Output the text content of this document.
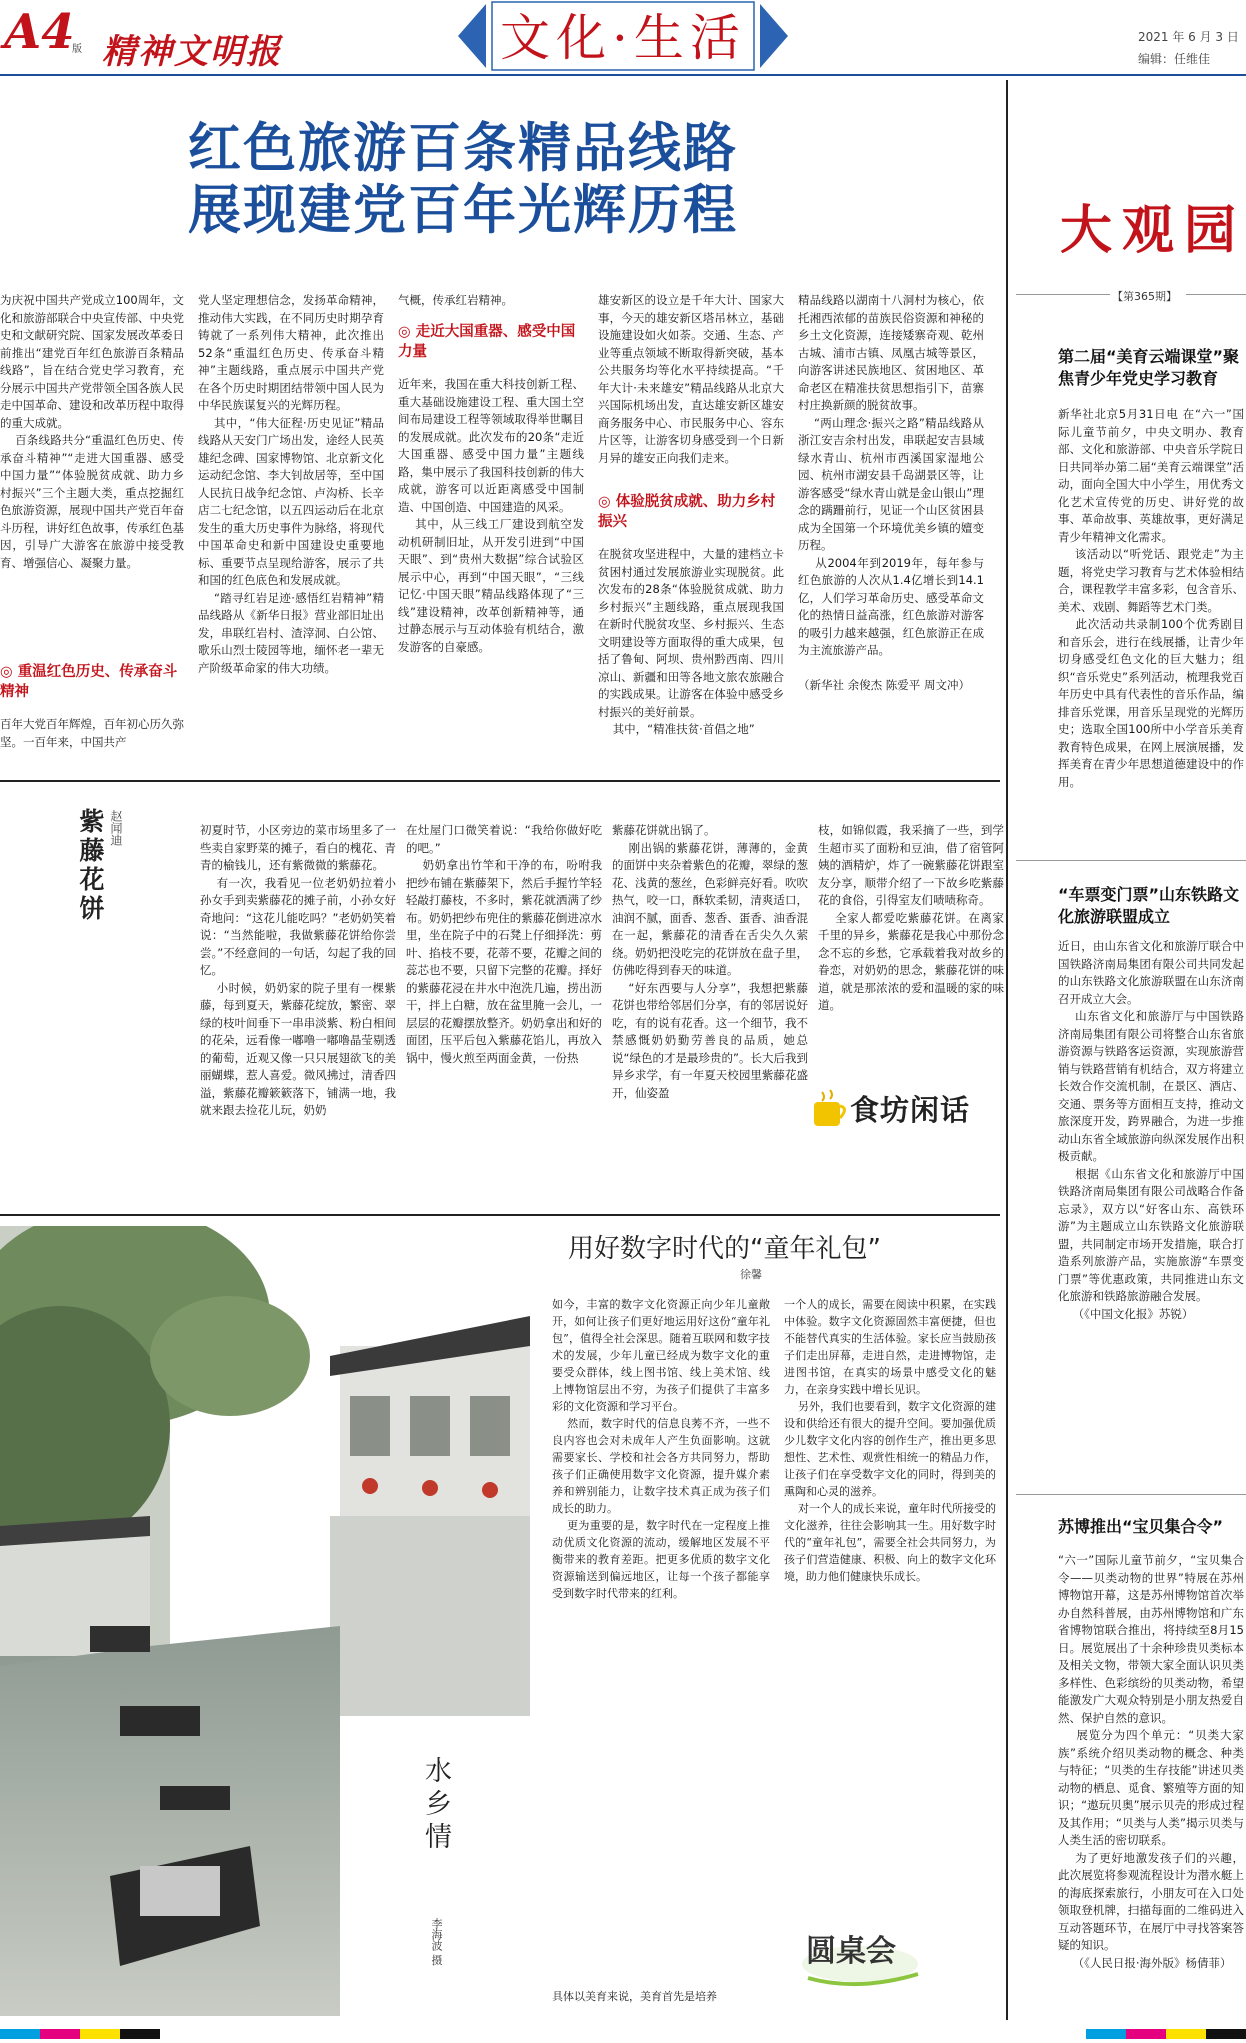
A4
版 精神文明报	文化·生活	2021 年 6 月 3 日
编辑：任维佳
红色旅游百条精品线路
展现建党百年光辉历程
为庆祝中国共产党成立100周年，文化和旅游部联合中央宣传部、中央党史和文献研究院、国家发展改革委日前推出“建党百年红色旅游百条精品线路”，旨在结合党史学习教育，充分展示中国共产党带领全国各族人民走中国革命、建设和改革历程中取得的重大成就。
百条线路共分“重温红色历史、传承奋斗精神”“走进大国重器、感受中国力量”“体验脱贫成就、助力乡村振兴”三个主题大类，重点挖掘红色旅游资源，展现中国共产党百年奋斗历程，讲好红色故事，传承红色基因，引导广大游客在旅游中接受教育、增强信心、凝聚力量。
◎ 重温红色历史、传承奋斗精神
百年大党百年辉煌，百年初心历久弥坚。一百年来，中国共产
党人坚定理想信念，发扬革命精神，推动伟大实践，在不同历史时期孕育铸就了一系列伟大精神，此次推出52条“重温红色历史、传承奋斗精神”主题线路，重点展示中国共产党在各个历史时期团结带领中国人民为中华民族谋复兴的光辉历程。
其中，“伟大征程·历史见证”精品线路从天安门广场出发，途经人民英雄纪念碑、国家博物馆、北京新文化运动纪念馆、李大钊故居等，至中国人民抗日战争纪念馆、卢沟桥、长辛店二七纪念馆，以五四运动后在北京发生的重大历史事件为脉络，将现代中国革命史和新中国建设史重要地标、重要节点呈现给游客，展示了共和国的红色底色和发展成就。
“踏寻红岩足迹·感悟红岩精神”精品线路从《新华日报》营业部旧址出发，串联红岩村、渣滓洞、白公馆、歌乐山烈士陵园等地，缅怀老一辈无产阶级革命家的伟大功绩。
气概，传承红岩精神。
◎ 走近大国重器、感受中国力量
近年来，我国在重大科技创新工程、重大基础设施建设工程、重大国土空间布局建设工程等领域取得举世瞩目的发展成就。此次发布的20条“走近大国重器、感受中国力量”主题线路，集中展示了我国科技创新的伟大成就，游客可以近距离感受中国制造、中国创造、中国建造的风采。
其中，从三线工厂建设到航空发动机研制旧址，从开发引进到“中国天眼”、到“贵州大数据”综合试验区展示中心，再到“中国天眼”，“三线记忆·中国天眼”精品线路体现了“三线”建设精神，改革创新精神等，通过静态展示与互动体验有机结合，激发游客的自豪感。
雄安新区的设立是千年大计、国家大事，今天的雄安新区塔吊林立，基础设施建设如火如荼。交通、生态、产业等重点领域不断取得新突破，基本公共服务均等化水平持续提高。“千年大计·未来雄安”精品线路从北京大兴国际机场出发，直达雄安新区雄安商务服务中心、市民服务中心、容东片区等，让游客切身感受到一个日新月异的雄安正向我们走来。
◎ 体验脱贫成就、助力乡村振兴
在脱贫攻坚进程中，大量的建档立卡贫困村通过发展旅游业实现脱贫。此次发布的28条“体验脱贫成就、助力乡村振兴”主题线路，重点展现我国在新时代脱贫攻坚、乡村振兴、生态文明建设等方面取得的重大成果，包括了鲁甸、阿坝、贵州黔西南、四川凉山、新疆和田等各地文旅农旅融合的实践成果。让游客在体验中感受乡村振兴的美好前景。
其中，“精准扶贫·首倡之地”
精品线路以湖南十八洞村为核心，依托湘西浓郁的苗族民俗资源和神秘的乡土文化资源，连接矮寨奇观、乾州古城、浦市古镇、凤凰古城等景区，向游客讲述民族地区、贫困地区、革命老区在精准扶贫思想指引下，苗寨村庄换新颜的脱贫故事。
“两山理念·振兴之路”精品线路从浙江安吉余村出发，串联起安吉县域绿水青山、杭州市西溪国家湿地公园、杭州市湖安县千岛湖景区等，让游客感受“绿水青山就是金山银山”理念的蹒跚前行，见证一个山区贫困县成为全国第一个环境优美乡镇的嬗变历程。
从2004年到2019年，每年参与红色旅游的人次从1.4亿增长到14.1亿，人们学习革命历史、感受革命文化的热情日益高涨，红色旅游对游客的吸引力越来越强，红色旅游正在成为主流旅游产品。
（新华社 余俊杰 陈爱平 周文冲）
紫藤花饼 赵闻迪	初夏时节，小区旁边的菜市场里多了一些卖自家野菜的摊子，看白的槐花、青青的榆钱儿，还有紫微微的紫藤花。
有一次，我看见一位老奶奶拉着小孙女手到卖紫藤花的摊子前，小孙女好奇地问：“这花儿能吃吗？”老奶奶笑着说：“当然能啦，我做紫藤花饼给你尝尝。”不经意间的一句话，勾起了我的回忆。
小时候，奶奶家的院子里有一棵紫藤，每到夏天，紫藤花绽放，繁密、翠绿的枝叶间垂下一串串淡紫、粉白相间的花朵，远看像一嘟噜一嘟噜晶莹剔透的葡萄，近观又像一只只展翅欲飞的美丽蝴蝶，惹人喜爱。微风拂过，清香四溢，紫藤花瓣簌簌落下，铺满一地，我就来跟去捡花儿玩，奶奶
在灶屋门口微笑着说：“我给你做好吃的吧。”
奶奶拿出竹竿和干净的布，吩咐我把纱布铺在紫藤架下，然后手握竹竿轻轻敲打藤枝，不多时，紫花就洒满了纱布。奶奶把纱布兜住的紫藤花倒进凉水里，坐在院子中的石凳上仔细择洗：剪叶、掐枝不要，花蒂不要，花瓣之间的蕊芯也不要，只留下完整的花瓣。择好的紫藤花浸在井水中泡洗几遍，捞出沥干，拌上白糖，放在盆里腌一会儿，一层层的花瓣摆放整齐。奶奶拿出和好的面团，压平后包入紫藤花馅儿，再放入锅中，慢火煎至两面金黄，一份热
紫藤花饼就出锅了。
刚出锅的紫藤花饼，薄薄的，金黄的面饼中夹杂着紫色的花瓣，翠绿的葱花、浅黄的葱丝，色彩鲜亮好看。吹吹热气，咬一口，酥软柔韧，清爽适口，油润不腻，面香、葱香、蛋香、油香混在一起，紫藤花的清香在舌尖久久萦绕。奶奶把没吃完的花饼放在盘子里，仿佛吃得到春天的味道。
“好东西要与人分享”，我想把紫藤花饼也带给邻居们分享，有的邻居说好吃，有的说有花香。这一个细节，我不禁感慨奶奶勤劳善良的品质，她总说“绿色的才是最珍贵的”。长大后我到异乡求学，有一年夏天校园里紫藤花盛开，仙姿盈
枝，如锦似霞，我采摘了一些，到学生超市买了面粉和豆油，借了宿管阿姨的酒精炉，炸了一碗紫藤花饼跟室友分享，顺带介绍了一下故乡吃紫藤花的食俗，引得室友们啧啧称奇。
全家人都爱吃紫藤花饼。在离家千里的异乡，紫藤花是我心中那份念念不忘的乡愁，它承载着我对故乡的眷恋，对奶奶的思念，紫藤花饼的味道，就是那浓浓的爱和温暖的家的味道。
食坊闲话
水乡情
李海波 摄
用好数字时代的“童年礼包”
徐馨
如今，丰富的数字文化资源正向少年儿童敞开，如何让孩子们更好地运用好这份“童年礼包”，值得全社会深思。随着互联网和数字技术的发展，少年儿童已经成为数字文化的重要受众群体，线上图书馆、线上美术馆、线上博物馆层出不穷，为孩子们提供了丰富多彩的文化资源和学习平台。
然而，数字时代的信息良莠不齐，一些不良内容也会对未成年人产生负面影响。这就需要家长、学校和社会各方共同努力，帮助孩子们正确使用数字文化资源，提升媒介素养和辨别能力，让数字技术真正成为孩子们成长的助力。
更为重要的是，数字时代在一定程度上推动优质文化资源的流动，缓解地区发展不平衡带来的教育差距。把更多优质的数字文化资源输送到偏远地区，让每一个孩子都能享受到数字时代带来的红利。
一个人的成长，需要在阅读中积累，在实践中体验。数字文化资源固然丰富便捷，但也不能替代真实的生活体验。家长应当鼓励孩子们走出屏幕，走进自然，走进博物馆，走进图书馆，在真实的场景中感受文化的魅力，在亲身实践中增长见识。
另外，我们也要看到，数字文化资源的建设和供给还有很大的提升空间。要加强优质少儿数字文化内容的创作生产，推出更多思想性、艺术性、观赏性相统一的精品力作，让孩子们在享受数字文化的同时，得到美的熏陶和心灵的滋养。
对一个人的成长来说，童年时代所接受的文化滋养，往往会影响其一生。用好数字时代的“童年礼包”，需要全社会共同努力，为孩子们营造健康、积极、向上的数字文化环境，助力他们健康快乐成长。
具体以美育来说，美育首先是培养
圆桌会
大观园
【第365期】
第二届“美育云端课堂”聚焦青少年党史学习教育
新华社北京5月31日电 在“六一”国际儿童节前夕，中央文明办、教育部、文化和旅游部、中央音乐学院日日共同举办第二届“美育云端课堂”活动，面向全国大中小学生，用优秀文化艺术宣传党的历史、讲好党的故事、革命故事、英雄故事，更好满足青少年精神文化需求。
该活动以“听党话、跟党走”为主题，将党史学习教育与艺术体验相结合，课程教学丰富多彩，包含音乐、美术、戏剧、舞蹈等艺术门类。
此次活动共录制100个优秀剧目和音乐会，进行在线展播，让青少年切身感受红色文化的巨大魅力；组织“音乐党史”系列活动，梳理我党百年历史中具有代表性的音乐作品，编排音乐党课，用音乐呈现党的光辉历史；选取全国100所中小学音乐美育教育特色成果，在网上展演展播，发挥美育在青少年思想道德建设中的作用。
“车票变门票”山东铁路文化旅游联盟成立
近日，由山东省文化和旅游厅联合中国铁路济南局集团有限公司共同发起的山东铁路文化旅游联盟在山东济南召开成立大会。
山东省文化和旅游厅与中国铁路济南局集团有限公司将整合山东省旅游资源与铁路客运资源，实现旅游营销与铁路营销有机结合，双方将建立长效合作交流机制，在景区、酒店、交通、票务等方面相互支持，推动文旅深度开发，跨界融合，为进一步推动山东省全域旅游向纵深发展作出积极贡献。
根据《山东省文化和旅游厅中国铁路济南局集团有限公司战略合作备忘录》，双方以“好客山东、高铁环游”为主题成立山东铁路文化旅游联盟，共同制定市场开发措施，联合打造系列旅游产品，实施旅游“车票变门票”等优惠政策，共同推进山东文化旅游和铁路旅游融合发展。
（《中国文化报》苏锐）
苏博推出“宝贝集合令”
“六一”国际儿童节前夕，“宝贝集合令——贝类动物的世界”特展在苏州博物馆开幕，这是苏州博物馆首次举办自然科普展，由苏州博物馆和广东省博物馆联合推出，将持续至8月15日。展览展出了十余种珍贵贝类标本及相关文物，带领大家全面认识贝类多样性、色彩缤纷的贝类动物，希望能激发广大观众特别是小朋友热爱自然、保护自然的意识。
展览分为四个单元：“贝类大家族”系统介绍贝类动物的概念、种类与特征；“贝类的生存技能”讲述贝类动物的栖息、觅食、繁殖等方面的知识；“遨玩贝奥”展示贝壳的形成过程及其作用；“贝类与人类”揭示贝类与人类生活的密切联系。
为了更好地激发孩子们的兴趣，此次展览将参观流程设计为潜水艇上的海底探索旅行，小朋友可在入口处领取登机牌，扫描每面的二维码进入互动答题环节，在展厅中寻找答案答疑的知识。
（《人民日报·海外版》杨倩菲）
